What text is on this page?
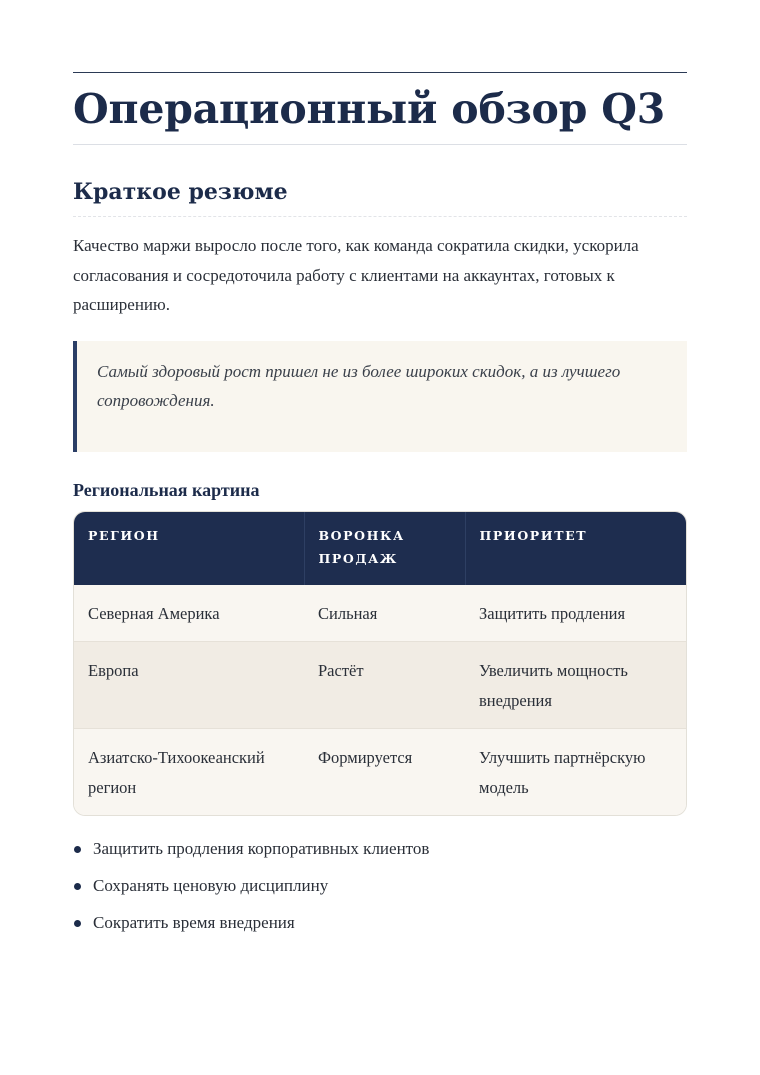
Операционный обзор Q3
Краткое резюме

Качество маржи выросло после того, как команда сократила скидки, ускорила согласования и сосредоточила работу с клиентами на аккаунтах, готовых к расширению.

Самый здоровый рост пришел не из более широких скидок, а из лучшего сопровождения.

Региональная картина
РЕГИОН	ВОРОНКА ПРОДАЖ	ПРИОРИТЕТ
Северная Америка	Сильная	Защитить продления
Европа	Растёт	Увеличить мощность внедрения
Азиатско-Тихоокеанский регион	Формируется	Улучшить партнёрскую модель
Защитить продления корпоративных клиентов
Сохранять ценовую дисциплину
Сократить время внедрения
